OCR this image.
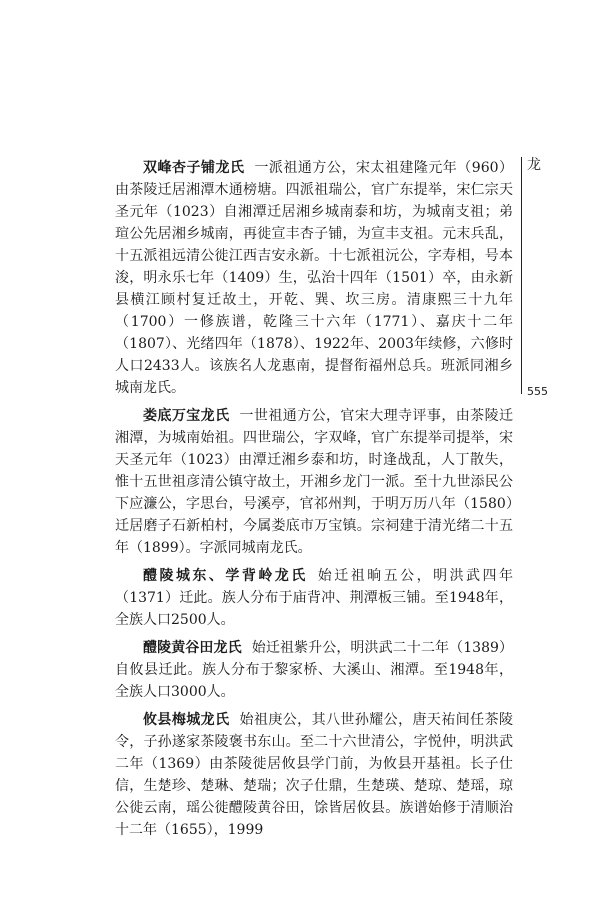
双峰杏子铺龙氏 一派祖通方公，宋太祖建隆元年（960）由茶陵迁居湘潭木通榜塘。四派祖瑞公，官广东提举，宋仁宗天圣元年（1023）自湘潭迁居湘乡城南泰和坊，为城南支祖；弟瑄公先居湘乡城南，再徙宣丰杏子铺，为宣丰支祖。元末兵乱，十五派祖远清公徙江西吉安永新。十七派祖沅公，字寿相，号本浚，明永乐七年（1409）生，弘治十四年（1501）卒，由永新县横江顾村复迁故土，开乾、巽、坎三房。清康熙三十九年（1700）一修族谱，乾隆三十六年（1771）、嘉庆十二年（1807）、光绪四年（1878）、1922年、2003年续修，六修时人口2433人。该族名人龙惠南，提督衔福州总兵。班派同湘乡城南龙氏。

娄底万宝龙氏 一世祖通方公，官宋大理寺评事，由茶陵迁湘潭，为城南始祖。四世瑞公，字双峰，官广东提举司提举，宋天圣元年（1023）由潭迁湘乡泰和坊，时逢战乱，人丁散失，惟十五世祖彦清公镇守故土，开湘乡龙门一派。至十九世添民公下应濂公，字思台，号溪亭，官祁州判，于明万历八年（1580）迁居磨子石新柏村，今属娄底市万宝镇。宗祠建于清光绪二十五年（1899）。字派同城南龙氏。

醴陵城东、学背岭龙氏 始迁祖晌五公，明洪武四年（1371）迁此。族人分布于庙背冲、荆潭板三铺。至1948年，全族人口2500人。

醴陵黄谷田龙氏 始迁祖紫升公，明洪武二十二年（1389）自攸县迁此。族人分布于黎家桥、大溪山、湘潭。至1948年，全族人口3000人。

攸县梅城龙氏 始祖庚公，其八世孙耀公，唐天祐间任茶陵令，子孙遂家茶陵褒书东山。至二十六世清公，字悦仲，明洪武二年（1369）由茶陵徙居攸县学门前，为攸县开基祖。长子仕信，生楚珍、楚琳、楚瑞；次子仕鼎，生楚瑛、楚琼、楚瑶，琼公徙云南，瑶公徙醴陵黄谷田，馀皆居攸县。族谱始修于清顺治十二年（1655），1999

龙
555
